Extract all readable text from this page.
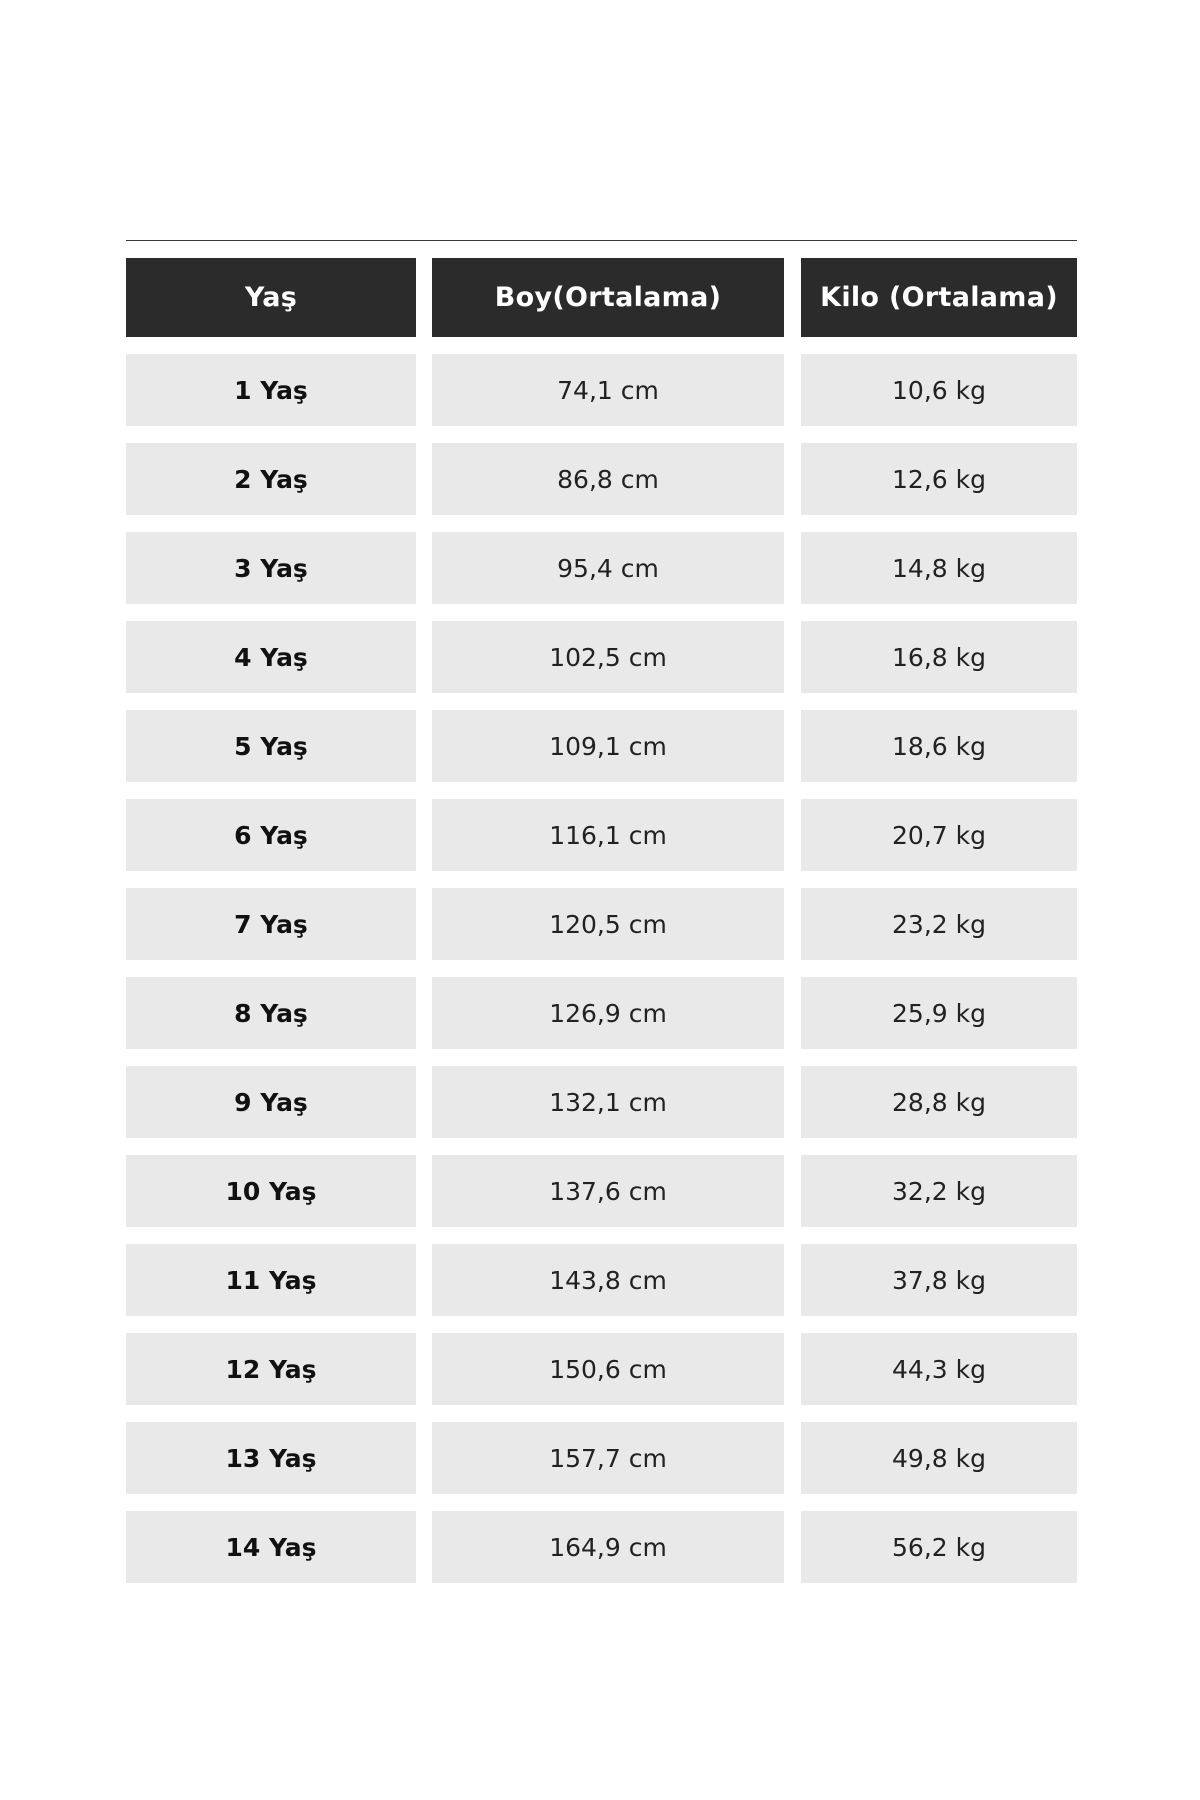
Yaş	Boy(Ortalama)	Kilo (Ortalama)
1 Yaş	74,1 cm	10,6 kg
2 Yaş	86,8 cm	12,6 kg
3 Yaş	95,4 cm	14,8 kg
4 Yaş	102,5 cm	16,8 kg
5 Yaş	109,1 cm	18,6 kg
6 Yaş	116,1 cm	20,7 kg
7 Yaş	120,5 cm	23,2 kg
8 Yaş	126,9 cm	25,9 kg
9 Yaş	132,1 cm	28,8 kg
10 Yaş	137,6 cm	32,2 kg
11 Yaş	143,8 cm	37,8 kg
12 Yaş	150,6 cm	44,3 kg
13 Yaş	157,7 cm	49,8 kg
14 Yaş	164,9 cm	56,2 kg
